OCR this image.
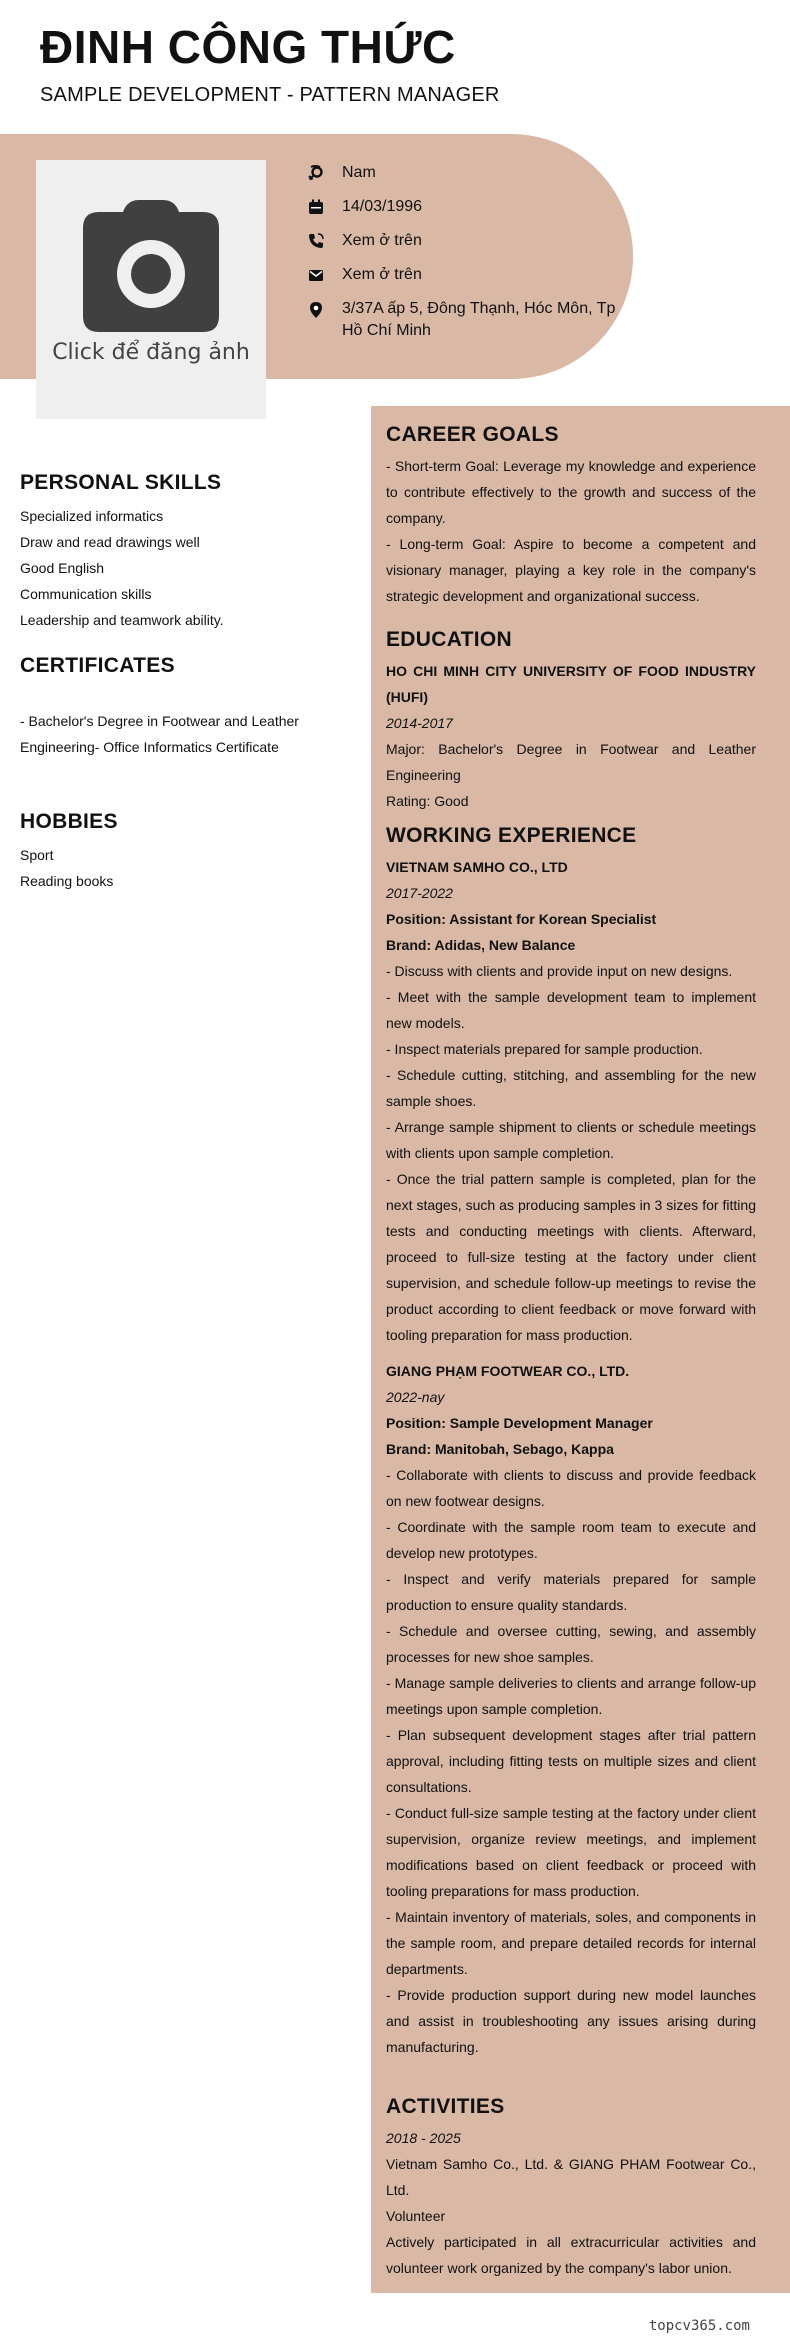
ĐINH CÔNG THỨC
SAMPLE DEVELOPMENT - PATTERN MANAGER
Click để đăng ảnh
Nam
14/03/1996
Xem ở trên
Xem ở trên
3/37A ấp 5, Đông Thạnh, Hóc Môn, Tp Hồ Chí Minh
PERSONAL SKILLS
Specialized informatics
Draw and read drawings well
Good English
Communication skills
Leadership and teamwork ability.
CERTIFICATES
- Bachelor's Degree in Footwear and Leather Engineering- Office Informatics Certificate
HOBBIES
Sport
Reading books
CAREER GOALS
- Short-term Goal: Leverage my knowledge and experience to contribute effectively to the growth and success of the company.
- Long-term Goal: Aspire to become a competent and visionary manager, playing a key role in the company's strategic development and organizational success.
EDUCATION
HO CHI MINH CITY UNIVERSITY OF FOOD INDUSTRY (HUFI)
2014-2017
Major: Bachelor's Degree in Footwear and Leather Engineering
Rating: Good
WORKING EXPERIENCE
VIETNAM SAMHO CO., LTD
2017-2022
Position: Assistant for Korean Specialist
Brand: Adidas, New Balance
- Discuss with clients and provide input on new designs.
- Meet with the sample development team to implement new models.
- Inspect materials prepared for sample production.
- Schedule cutting, stitching, and assembling for the new sample shoes.
- Arrange sample shipment to clients or schedule meetings with clients upon sample completion.
- Once the trial pattern sample is completed, plan for the next stages, such as producing samples in 3 sizes for fitting tests and conducting meetings with clients. Afterward, proceed to full-size testing at the factory under client supervision, and schedule follow-up meetings to revise the product according to client feedback or move forward with tooling preparation for mass production.
GIANG PHẠM FOOTWEAR CO., LTD.
2022-nay
Position: Sample Development Manager
Brand: Manitobah, Sebago, Kappa
- Collaborate with clients to discuss and provide feedback on new footwear designs.
- Coordinate with the sample room team to execute and develop new prototypes.
- Inspect and verify materials prepared for sample production to ensure quality standards.
- Schedule and oversee cutting, sewing, and assembly processes for new shoe samples.
- Manage sample deliveries to clients and arrange follow-up meetings upon sample completion.
- Plan subsequent development stages after trial pattern approval, including fitting tests on multiple sizes and client consultations.
- Conduct full-size sample testing at the factory under client supervision, organize review meetings, and implement modifications based on client feedback or proceed with tooling preparations for mass production.
- Maintain inventory of materials, soles, and components in the sample room, and prepare detailed records for internal departments.
- Provide production support during new model launches and assist in troubleshooting any issues arising during manufacturing.
ACTIVITIES
2018 - 2025
Vietnam Samho Co., Ltd. & GIANG PHAM Footwear Co., Ltd.
Volunteer
Actively participated in all extracurricular activities and volunteer work organized by the company's labor union.
topcv365.com
